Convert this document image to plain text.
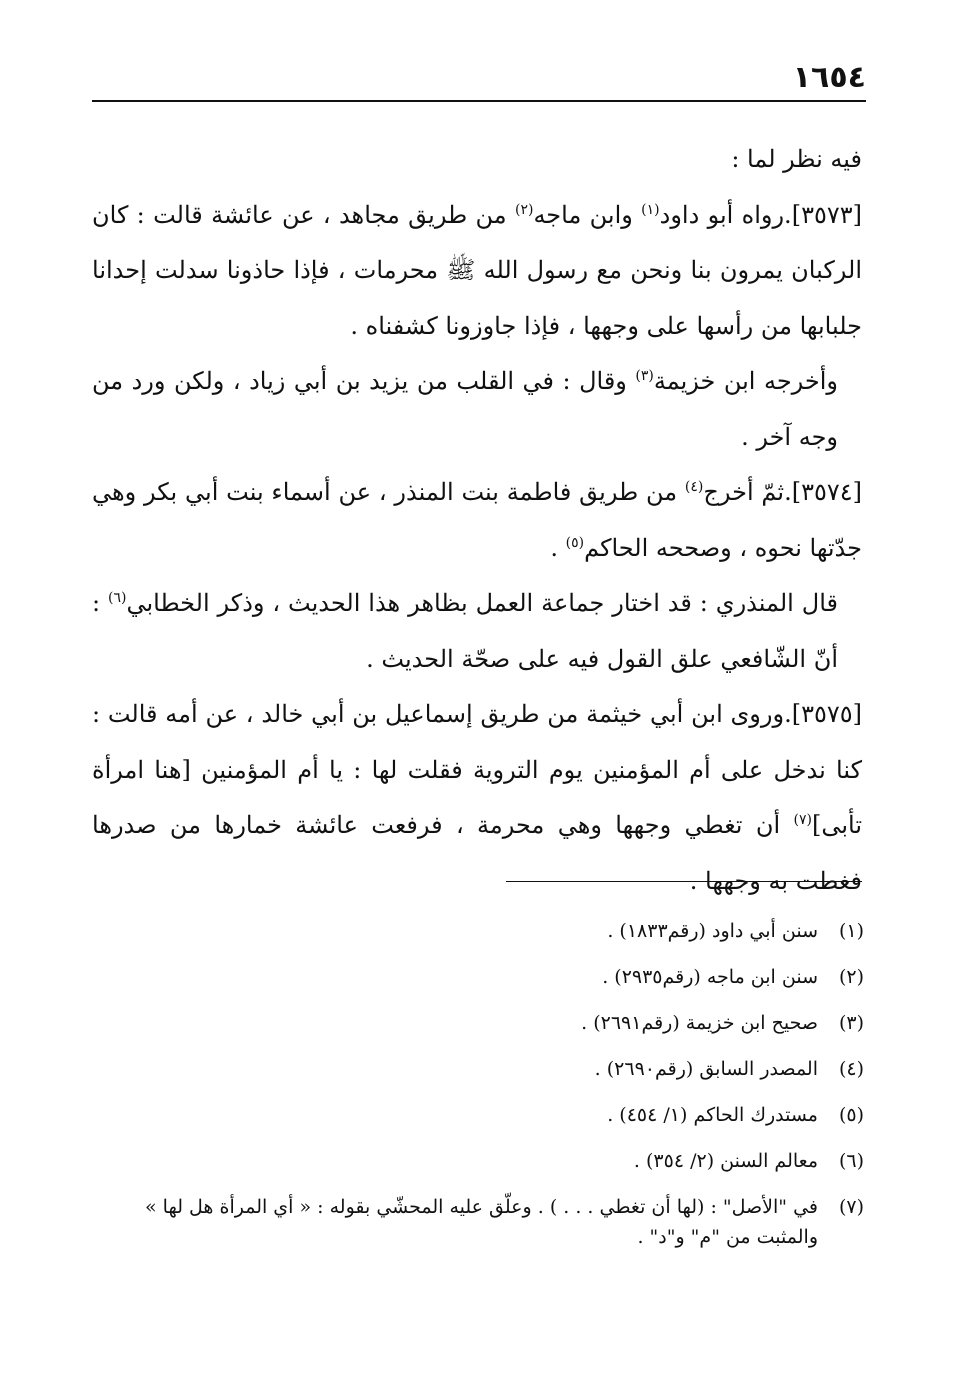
١٦٥٤

فيه نظر لما :

[٣٥٧٣].رواه أبو داود$^{(١)}$ وابن ماجه$^{(٢)}$ من طريق مجاهد ، عن عائشة قالت : كان الركبان يمرون بنا ونحن مع رسول الله ﷺ محرمات ، فإذا حاذونا سدلت إحدانا جلبابها من رأسها على وجهها ، فإذا جاوزونا كشفناه .

وأخرجه ابن خزيمة$^{(٣)}$ وقال : في القلب من يزيد بن أبي زياد ، ولكن ورد من وجه آخر .

[٣٥٧٤].ثمّ أخرج$^{(٤)}$ من طريق فاطمة بنت المنذر ، عن أسماء بنت أبي بكر وهي جدّتها نحوه ، وصححه الحاكم$^{(٥)}$ .

قال المنذري : قد اختار جماعة العمل بظاهر هذا الحديث ، وذكر الخطابي$^{(٦)}$ : أنّ الشّافعي علق القول فيه على صحّة الحديث .

[٣٥٧٥].وروى ابن أبي خيثمة من طريق إسماعيل بن أبي خالد ، عن أمه قالت : كنا ندخل على أم المؤمنين يوم التروية فقلت لها : يا أم المؤمنين [هنا امرأة تأبى]$^{(٧)}$ أن تغطي وجهها وهي محرمة ، فرفعت عائشة خمارها من صدرها فغطت به وجهها .

(١)
سنن أبي داود (رقم١٨٣٣) .
(٢)
سنن ابن ماجه (رقم٢٩٣٥) .
(٣)
صحيح ابن خزيمة (رقم٢٦٩١) .
(٤)
المصدر السابق (رقم٢٦٩٠) .
(٥)
مستدرك الحاكم (١/ ٤٥٤) .
(٦)
معالم السنن (٢/ ٣٥٤) .
(٧)
في "الأصل" : (لها أن تغطي . . . ) . وعلّق عليه المحشّي بقوله : « أي المرأة هل لها » والمثبت من "م" و"د" .
